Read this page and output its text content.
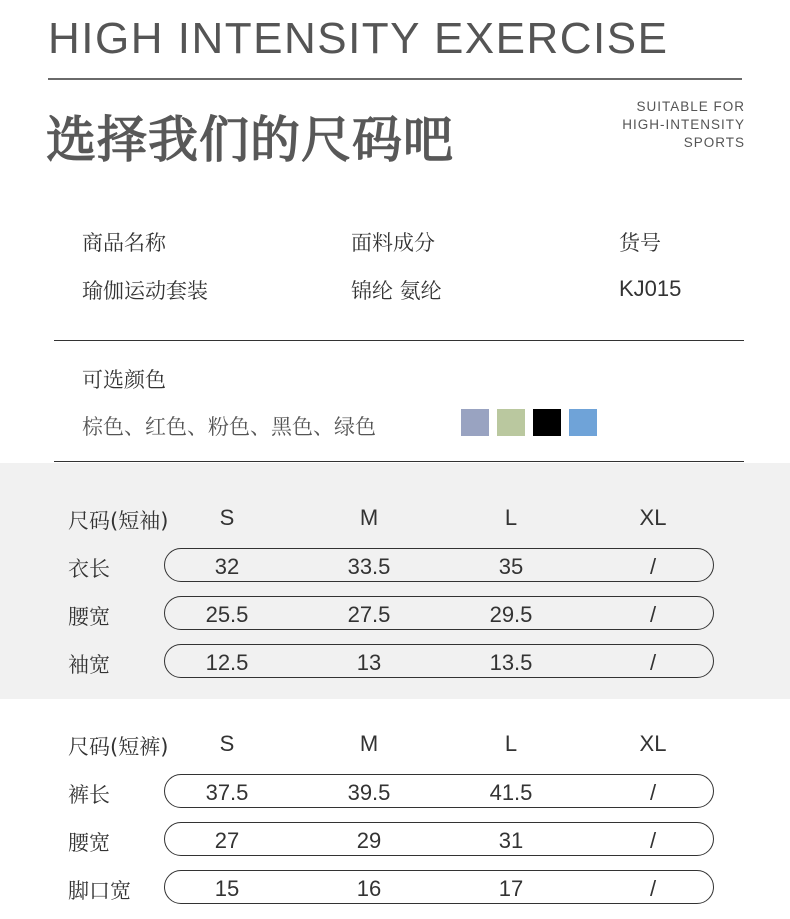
HIGH INTENSITY EXERCISE
选择我们的尺码吧
SUITABLE FOR
HIGH-INTENSITY
SPORTS
商品名称
瑜伽运动套装
面料成分
锦纶 氨纶
货号
KJ015
可选颜色
棕色、红色、粉色、黑色、绿色
尺码(短袖)	S	M	L	XL
衣长	32	33.5	35	/
腰宽	25.5	27.5	29.5	/
袖宽	12.5	13	13.5	/
尺码(短裤)	S	M	L	XL
裤长	37.5	39.5	41.5	/
腰宽	27	29	31	/
脚口宽	15	16	17	/
